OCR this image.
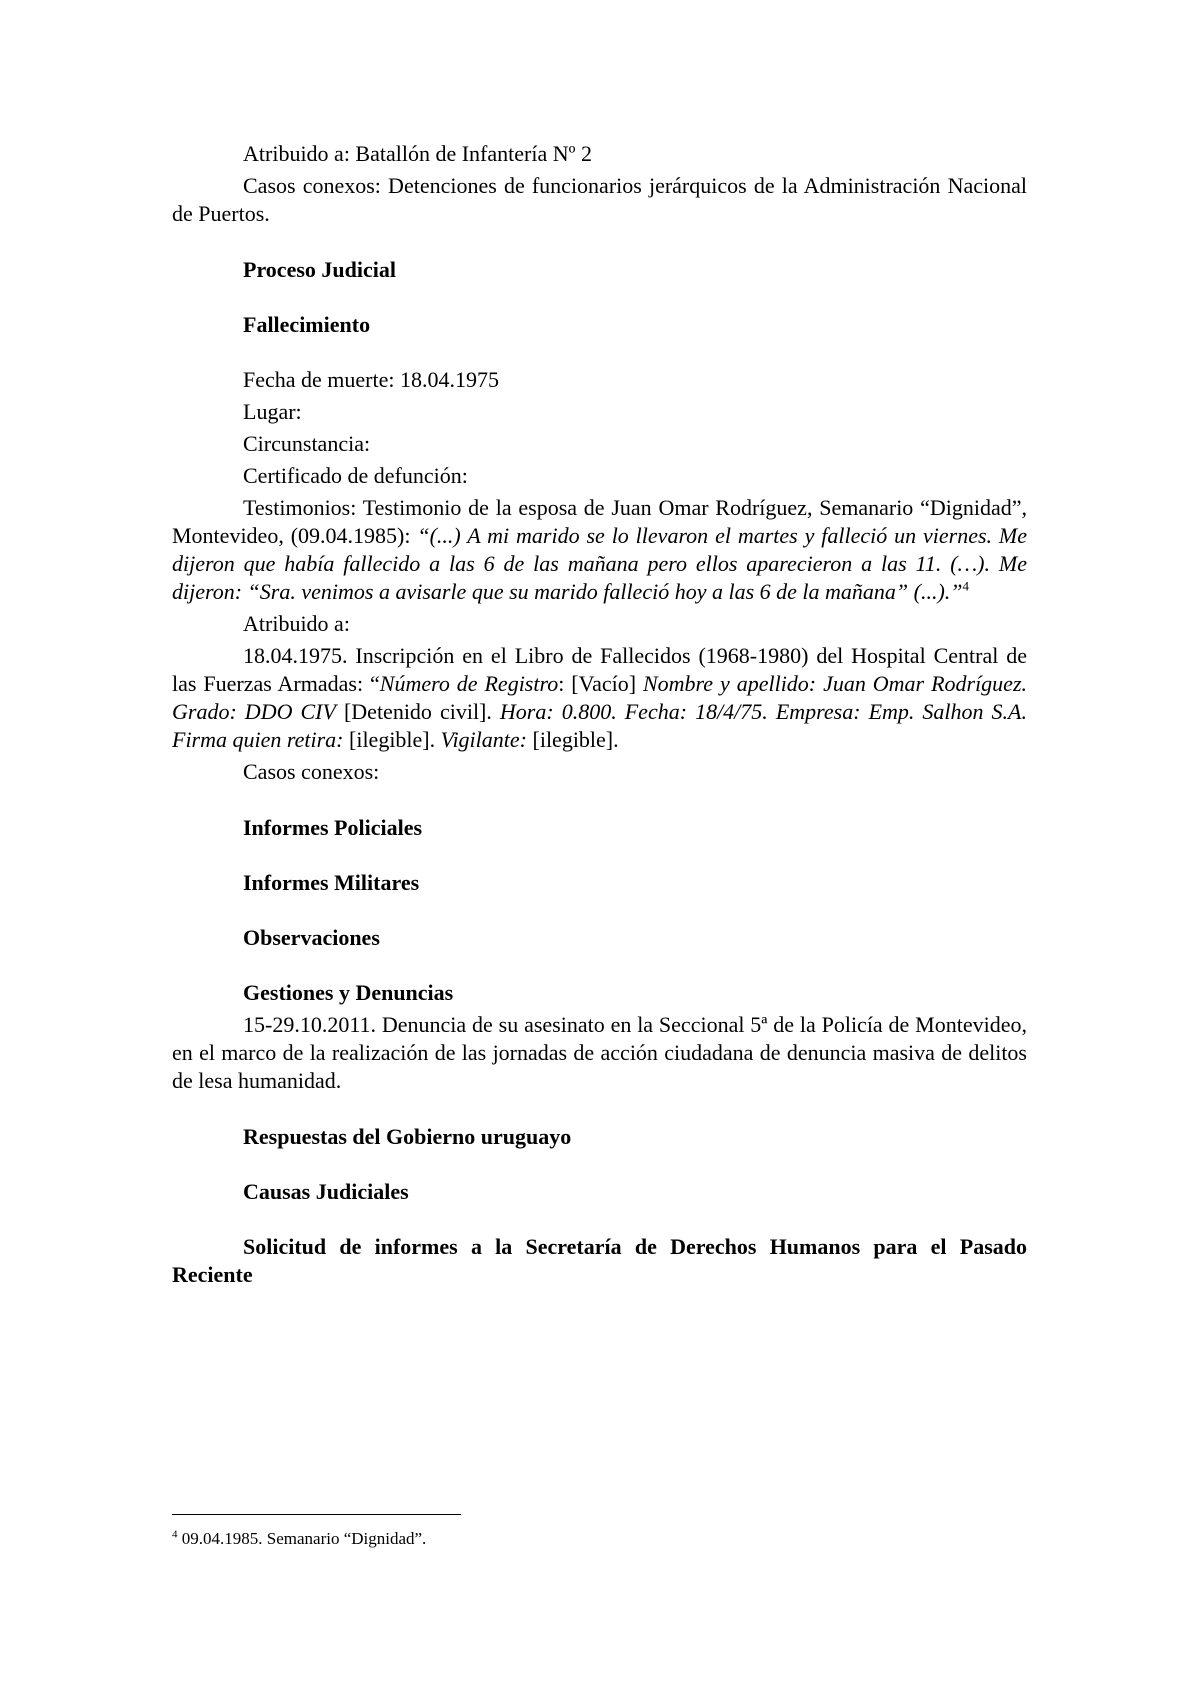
Atribuido a: Batallón de Infantería Nº 2

Casos conexos: Detenciones de funcionarios jerárquicos de la Administración Nacional de Puertos.

Proceso Judicial

Fallecimiento

Fecha de muerte: 18.04.1975

Lugar:

Circunstancia:

Certificado de defunción:

Testimonios: Testimonio de la esposa de Juan Omar Rodríguez, Semanario “Dignidad”, Montevideo, (09.04.1985): “(...) A mi marido se lo llevaron el martes y falleció un viernes. Me dijeron que había fallecido a las 6 de las mañana pero ellos aparecieron a las 11. (…). Me dijeron: “Sra. venimos a avisarle que su marido falleció hoy a las 6 de la mañana” (...).”$^4$

Atribuido a:

18.04.1975. Inscripción en el Libro de Fallecidos (1968-1980) del Hospital Central de las Fuerzas Armadas: “Número de Registro: [Vacío] Nombre y apellido: Juan Omar Rodríguez. Grado: DDO CIV [Detenido civil]. Hora: 0.800. Fecha: 18/4/75. Empresa: Emp. Salhon S.A. Firma quien retira: [ilegible]. Vigilante: [ilegible].

Casos conexos:

Informes Policiales

Informes Militares

Observaciones

Gestiones y Denuncias

15-29.10.2011. Denuncia de su asesinato en la Seccional 5ª de la Policía de Montevideo, en el marco de la realización de las jornadas de acción ciudadana de denuncia masiva de delitos de lesa humanidad.

Respuestas del Gobierno uruguayo

Causas Judiciales

Solicitud de informes a la Secretaría de Derechos Humanos para el Pasado Reciente

$^4$ 09.04.1985. Semanario “Dignidad”.
